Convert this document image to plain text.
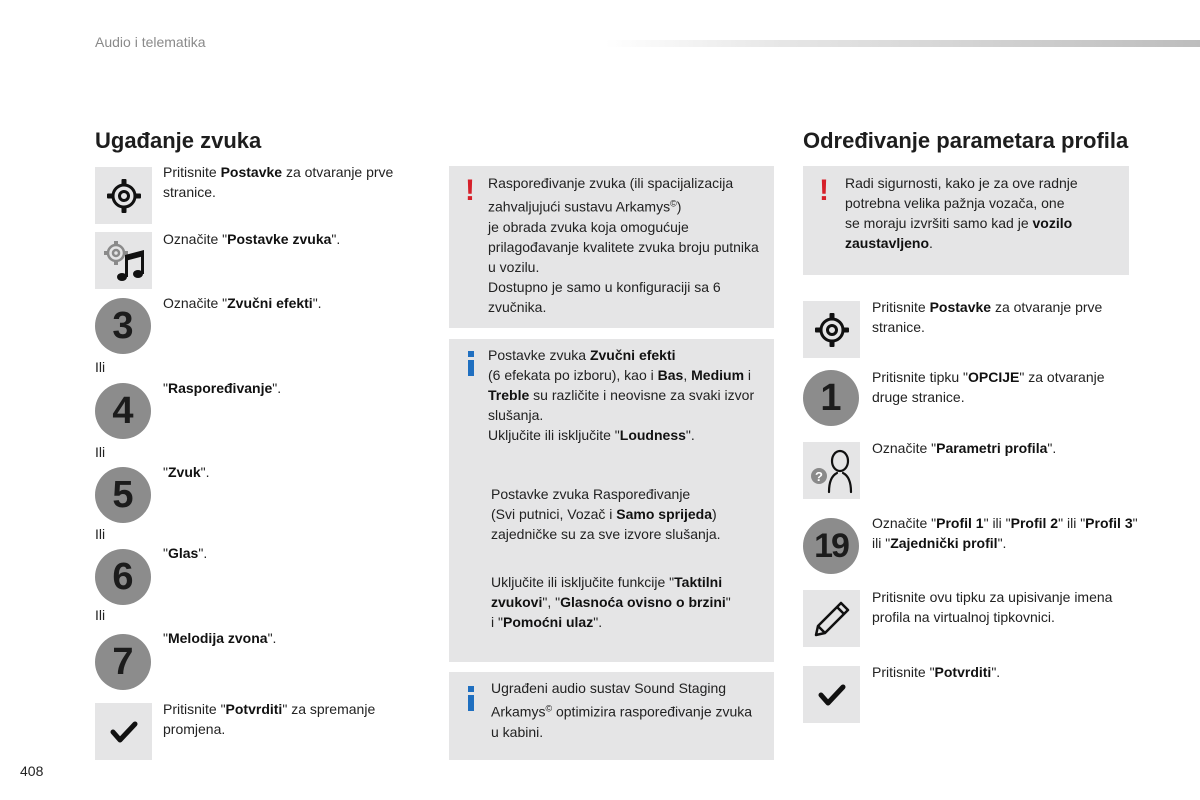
Audio i telematika
Ugađanje zvuka
Pritisnite Postavke za otvaranje prve stranice.
Označite "Postavke zvuka".
3
Označite "Zvučni efekti".
Ili
4
"Raspoređivanje".
Ili
5
"Zvuk".
Ili
6
"Glas".
Ili
7
"Melodija zvona".
Pritisnite "Potvrditi" za spremanje promjena.
! Raspoređivanje zvuka (ili spacijalizacija zahvaljujući sustavu Arkamys©)
je obrada zvuka koja omogućuje prilagođavanje kvalitete zvuka broju putnika u vozilu.
Dostupno je samo u konfiguraciji sa 6 zvučnika.
Postavke zvuka Zvučni efekti
(6 efekata po izboru), kao i Bas, Medium i Treble su različite i neovisne za svaki izvor slušanja.
Uključite ili isključite "Loudness".
Postavke zvuka Raspoređivanje
(Svi putnici, Vozač i Samo sprijeda)
zajedničke su za sve izvore slušanja.
Uključite ili isključite funkcije "Taktilni zvukovi", "Glasnoća ovisno o brzini"
i "Pomoćni ulaz".
Ugrađeni audio sustav Sound Staging Arkamys© optimizira raspoređivanje zvuka u kabini.
Određivanje parametara profila
! Radi sigurnosti, kako je za ove radnje potrebna velika pažnja vozača, one
se moraju izvršiti samo kad je vozilo zaustavljeno.
Pritisnite Postavke za otvaranje prve stranice.
1	Pritisnite tipku "OPCIJE" za otvaranje druge stranice.
?
Označite "Parametri profila".
19
Označite "Profil 1" ili "Profil 2" ili "Profil 3" ili "Zajednički profil".
Pritisnite ovu tipku za upisivanje imena profila na virtualnoj tipkovnici.
Pritisnite "Potvrditi".
408
